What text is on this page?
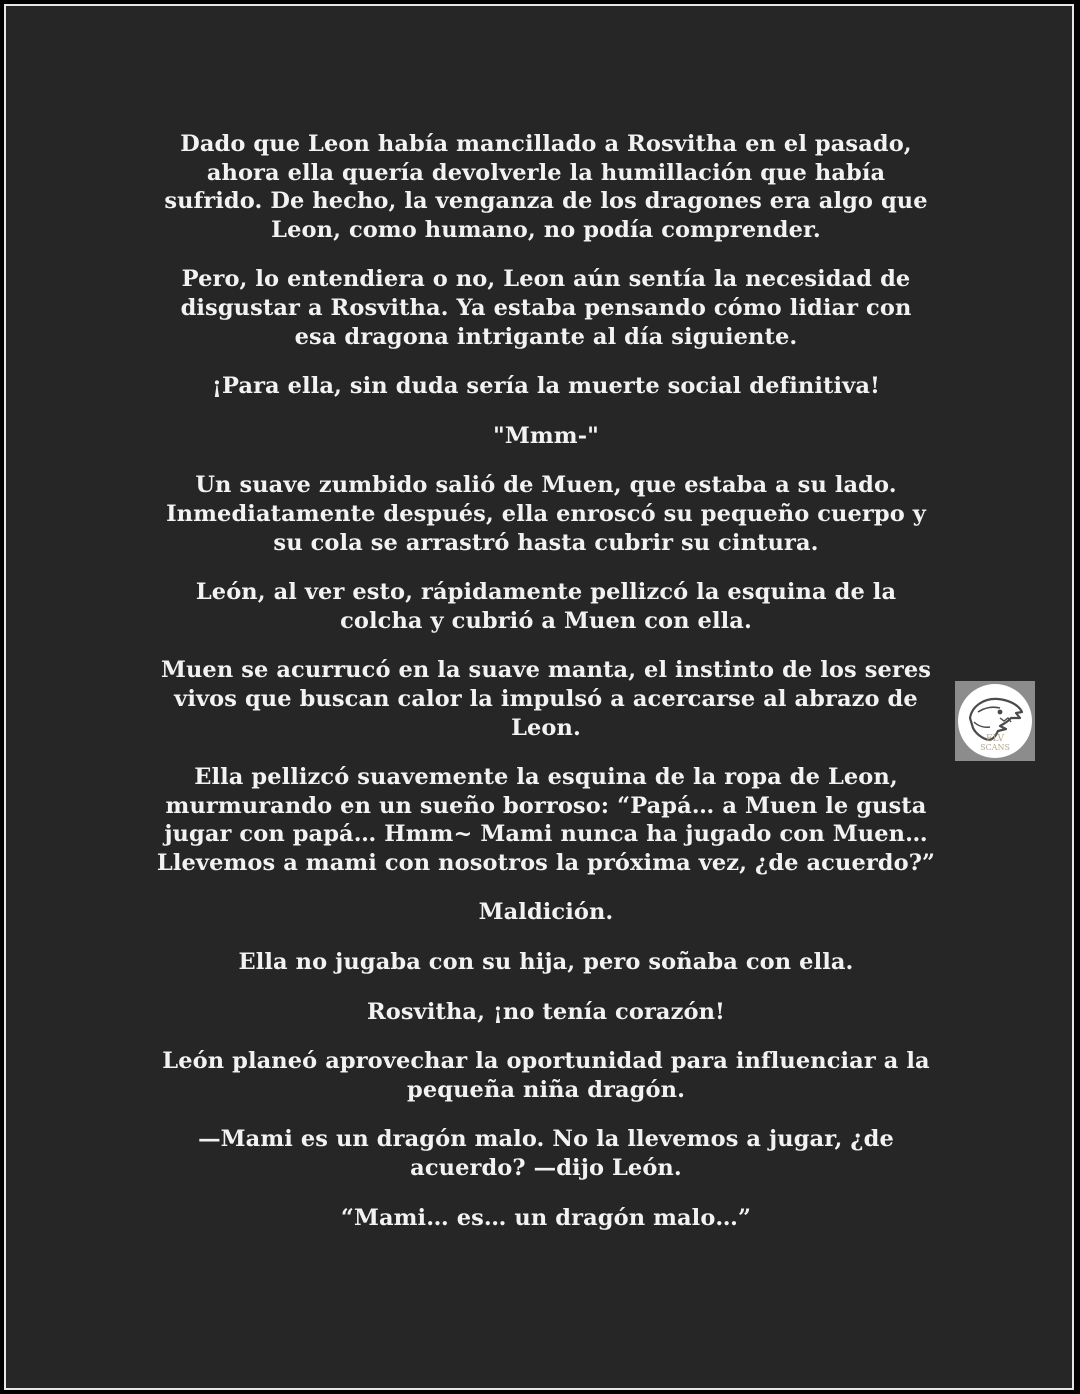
Dado que Leon había mancillado a Rosvitha en el pasado, ahora ella quería devolverle la humillación que había sufrido. De hecho, la venganza de los dragones era algo que Leon, como humano, no podía comprender.

Pero, lo entendiera o no, Leon aún sentía la necesidad de disgustar a Rosvitha. Ya estaba pensando cómo lidiar con esa dragona intrigante al día siguiente.

¡Para ella, sin duda sería la muerte social definitiva!

"Mmm-"

Un suave zumbido salió de Muen, que estaba a su lado. Inmediatamente después, ella enroscó su pequeño cuerpo y su cola se arrastró hasta cubrir su cintura.

León, al ver esto, rápidamente pellizcó la esquina de la colcha y cubrió a Muen con ella.

Muen se acurrucó en la suave manta, el instinto de los seres vivos que buscan calor la impulsó a acercarse al abrazo de Leon.

Ella pellizcó suavemente la esquina de la ropa de Leon, murmurando en un sueño borroso: “Papá… a Muen le gusta jugar con papá… Hmm~ Mami nunca ha jugado con Muen… Llevemos a mami con nosotros la próxima vez, ¿de acuerdo?”

Maldición.

Ella no jugaba con su hija, pero soñaba con ella.

Rosvitha, ¡no tenía corazón!

León planeó aprovechar la oportunidad para influenciar a la pequeña niña dragón.

—Mami es un dragón malo. No la llevemos a jugar, ¿de acuerdo? —dijo León.

“Mami… es… un dragón malo…”

ELV
SCANS
